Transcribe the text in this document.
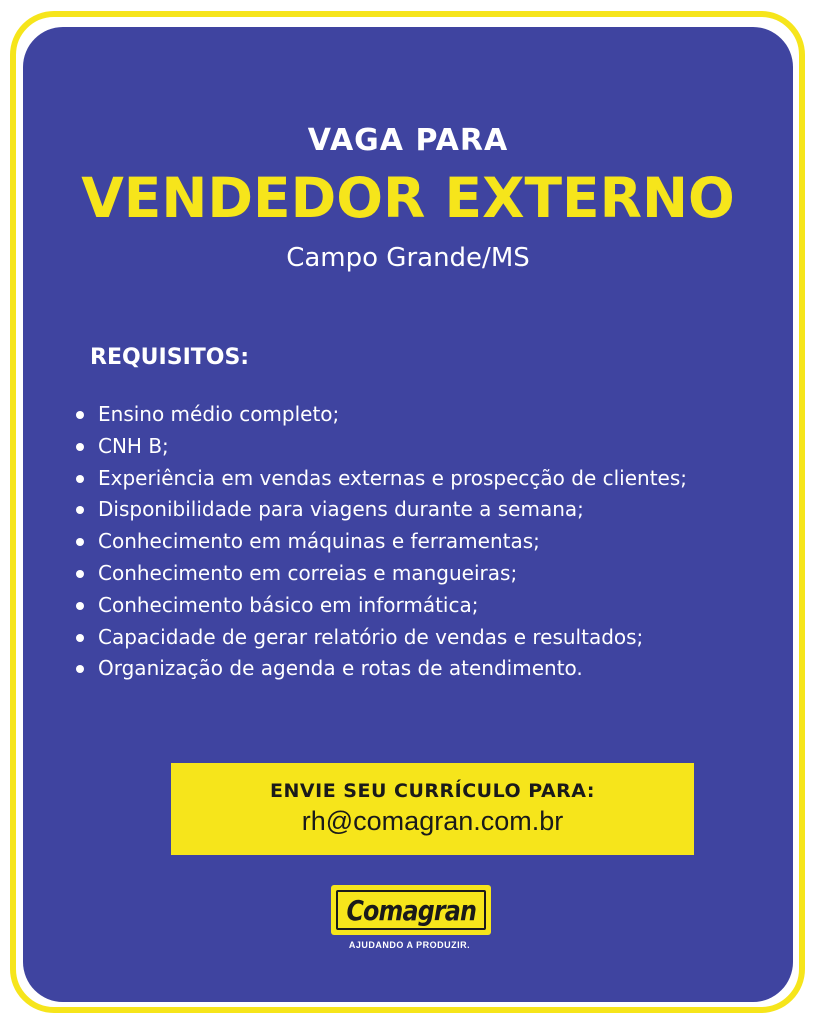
VAGA PARA
VENDEDOR EXTERNO
Campo Grande/MS
REQUISITOS:
Ensino médio completo;
CNH B;
Experiência em vendas externas e prospecção de clientes;
Disponibilidade para viagens durante a semana;
Conhecimento em máquinas e ferramentas;
Conhecimento em correias e mangueiras;
Conhecimento básico em informática;
Capacidade de gerar relatório de vendas e resultados;
Organização de agenda e rotas de atendimento.
ENVIE SEU CURRÍCULO PARA:
rh@comagran.com.br
Comagran
AJUDANDO A PRODUZIR.
